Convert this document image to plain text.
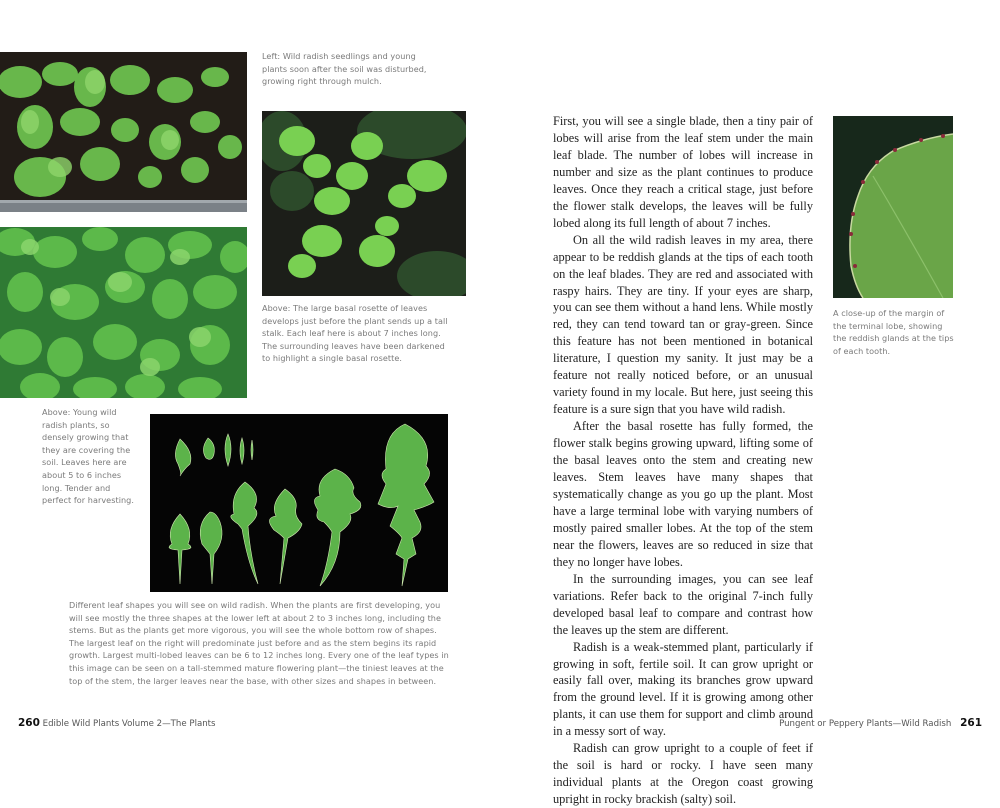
Left: Wild radish seedlings and young plants soon after the soil was disturbed, growing right through mulch.
Above: The large basal rosette of leaves develops just before the plant sends up a tall stalk. Each leaf here is about 7 inches long. The surrounding leaves have been darkened to highlight a single basal rosette.
Above: Young wild radish plants, so densely growing that they are covering the soil. Leaves here are about 5 to 6 inches long. Tender and perfect for harvesting.
Different leaf shapes you will see on wild radish. When the plants are first developing, you will see mostly the three shapes at the lower left at about 2 to 3 inches long, including the stems. But as the plants get more vigorous, you will see the whole bottom row of shapes. The largest leaf on the right will predominate just before and as the stem begins its rapid growth. Largest multi-lobed leaves can be 6 to 12 inches long. Every one of the leaf types in this image can be seen on a tall-stemmed mature flowering plant—the tiniest leaves at the top of the stem, the larger leaves near the base, with other sizes and shapes in between.

First, you will see a single blade, then a tiny pair of lobes will arise from the leaf stem under the main leaf blade. The number of lobes will increase in number and size as the plant continues to produce leaves. Once they reach a critical stage, just before the flower stalk develops, the leaves will be fully lobed along its full length of about 7 inches.

On all the wild radish leaves in my area, there appear to be reddish glands at the tips of each tooth on the leaf blades. They are red and associated with raspy hairs. They are tiny. If your eyes are sharp, you can see them without a hand lens. While mostly red, they can tend toward tan or gray-green. Since this feature has not been mentioned in botanical literature, I question my sanity. It just may be a feature not really noticed before, or an unusual variety found in my locale. But here, just seeing this feature is a sure sign that you have wild radish.

After the basal rosette has fully formed, the flower stalk begins growing upward, lifting some of the basal leaves onto the stem and creating new leaves. Stem leaves have many shapes that systematically change as you go up the plant. Most have a large terminal lobe with varying numbers of mostly paired smaller lobes. At the top of the stem near the flowers, leaves are so reduced in size that they no longer have lobes.

In the surrounding images, you can see leaf variations. Refer back to the original 7-inch fully developed basal leaf to compare and contrast how the leaves up the stem are different.

Radish is a weak-stemmed plant, particularly if growing in soft, fertile soil. It can grow upright or easily fall over, making its branches grow upward from the ground level. If it is growing among other plants, it can use them for support and climb around in a messy sort of way.

Radish can grow upright to a couple of feet if the soil is hard or rocky. I have seen many individual plants at the Oregon coast growing upright in rocky brackish (salty) soil.

A close-up of the margin of the terminal lobe, showing the reddish glands at the tips of each tooth.
260 Edible Wild Plants Volume 2—The Plants	Pungent or Peppery Plants—Wild Radish 261
